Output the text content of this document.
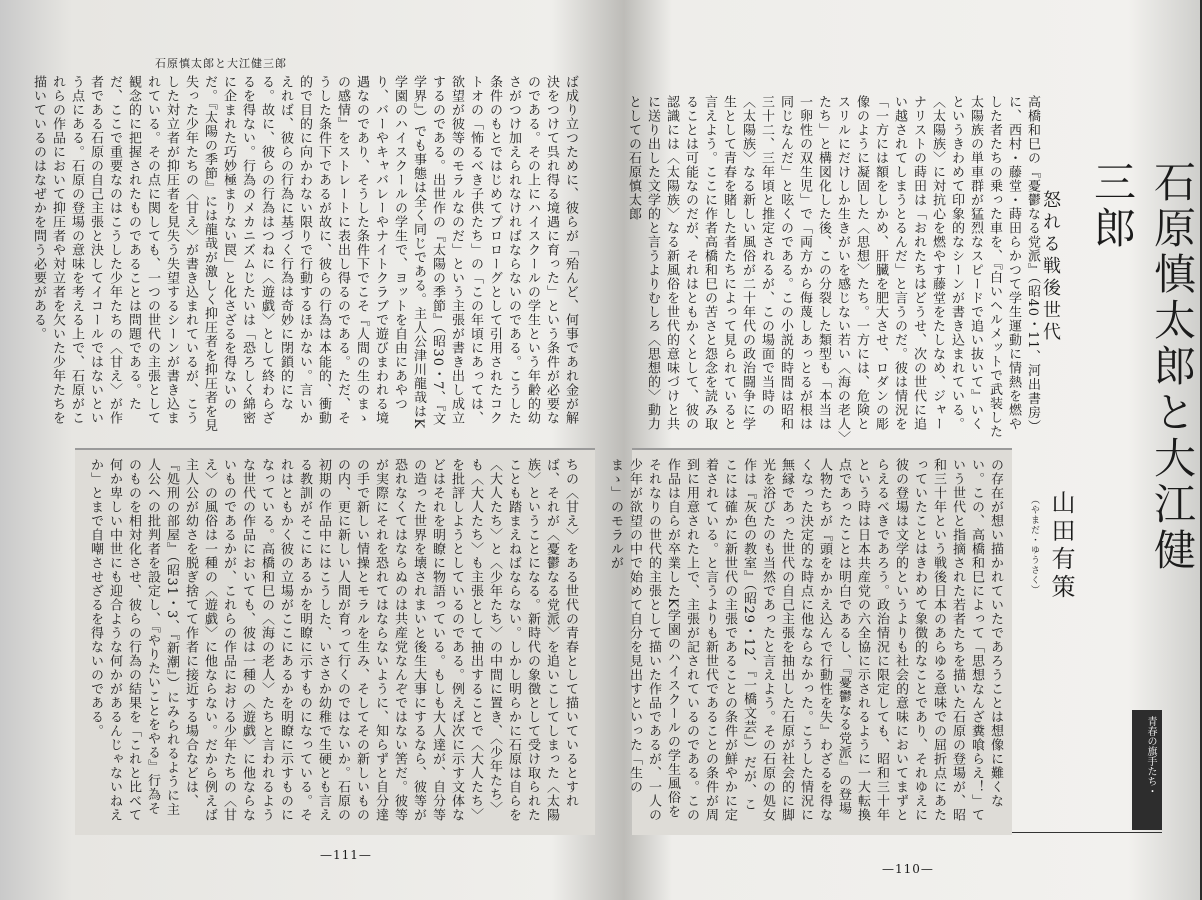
石原慎太郎と大江健三郎
ば成り立つために、彼らが「殆んど、何事であれ金が解決をつけて呉れ得る境遇に育った」という条件が必要なのである。その上にハイスクールの学生という年齢的幼さがつけ加えられなければならないのである。こうした条件のもとではじめてプロローグとして引用されたコクトオの「怖るべき子供たち」の「この年頃にあっては、欲望が彼等のモラルなのだ」という主張が書き出し成立するのである。出世作の『太陽の季節』（昭30・7、『文学界』）でも事態は全く同じである。主人公津川龍哉はK学園のハイスクールの学生で、ヨットを自由にあやつり、バーやキャバレーやナイトクラブで遊びまわれる境遇なのであり、そうした条件下でこそ『人間の生のまゝの感情』をストレートに表出し得るのである。ただ、そうした条件下であるが故に、彼らの行為は本能的、衝動的で目的に向かわない限りで行動するほかない。言いかえれば、彼らの行為に基づく行為は奇妙に閉鎖的になる。故に、彼らの行為はつねに〈遊戯〉として終わらざるを得ない。行為のメカニズムじたいは「恐ろしく綿密に企まれた巧妙極まりない罠」と化さざるを得ないのだ。『太陽の季節』には龍哉が激しく抑圧者を抑圧者を見失った少年たちの〈甘え〉が書き込まれているが、こうした対立者が抑圧者を見失う失望するシーンが書き込まれている。その点に関しても、一つの世代の主張として観念的に把握されたものであることは問題である。ただ、ここで重要なのはこうした少年たちの〈甘え〉が作者である石原の自己主張と決してイコールではないという点にある。石原の登場の意味を考える上で、石原がこれらの作品において抑圧者や対立者を欠いた少年たちを描いているのはなぜかを問う必要がある。
ちの〈甘え〉をある世代の青春として描いているとすれば、それが〈憂鬱なる党派〉を追いこしてしまった〈太陽族〉ということになる。新時代の象徴として受け取られたことも踏まえねばならない。しかし明らかに石原は自らを〈大人たち〉と〈少年たち〉の中間に置き、〈少年たち〉も〈大人たち〉も主張として抽出することで〈大人たち〉を批評しようとしているのである。例えば次に示す文体などはそれを明瞭に物語っている。もしも大人達が、自分等の造った世界を壊されまいと後生大事にするなら、彼等が恐れなくてはならぬのは共産党なんぞではない筈だ。彼等が実際にそれを恐れてはならないように、知らずと自分達の手で新しい情操とモラルを生み、そしてその新しいものの内、更に新しい人間が育って行くのではないか。石原の初期の作品中にはこうした、いささか幼稚で生硬とも言える教訓がそこにあるかを明瞭に示すものになっている。それはともかく彼の立場がここにあるかを明瞭に示すものになっている。高橋和巳の〈海の老人〉たちと言われるような世代の作品においても、彼は一種の〈遊戯〉に他ならないものであるかが、これらの作品における少年たちの〈甘え〉の風俗は一種の〈遊戯〉に他ならない。だから例えば主人公が幼さを脱ぎ捨てて作者に接近する場合などは、『処刑の部屋』（昭31・3、『新潮』）にみられるように主人公への批判者を設定し、『やりたいことをやる』行為そのものを相対化させ、彼らの行為の結果を「これと比べて何か卑しい中世にも迎合ような何かがあるんじゃないねえか」とまで自嘲させざるを得ないのである。
—111—
高橋和巳の『憂鬱なる党派』（昭40・11、河出書房）に、西村・藤堂・蒔田らかつて学生運動に情熱を燃やした者たちの乗った車を、『白いヘルメットで武装した太陽族の単車群が猛烈なスピードで追い抜いて』いくというきわめて印象的なシーンが書き込まれている。〈太陽族〉に対抗心を燃やす藤堂をたしなめ、ジャーナリストの蒔田は「おれたちはどうせ、次の世代に追い越されてしまうとるんだ」と言うのだ。彼は情況を「一方には額をしかめ、肝臓を肥大させ、ロダンの彫像のように凝固した〈思想〉たち。一方には、危険とスリルにだけしか生きがいを感じない若い〈海の老人〉たち」と構図化した後、この分裂した類型も「本当は一卵性の双生児」で「両方から侮蔑しあっとるが根は同じなんだ」と呟くのである。この小説的時間は昭和三十二、三年頃と推定されるが、この場面で当時の〈太陽族〉なる新しい風俗が二十年代の政治闘争に学生として青春を賭した者たちによって見られていると言えよう。ここに作者高橋和巳の苦さと怨念を読み取ることは可能なのだが、それはともかくとして、彼の認識には〈太陽族〉なる新風俗を世代的意味づけと共に送り出した文学的と言うよりむしろ〈思想的〉動力としての石原慎太郎
石原慎太郎と大江健三郎
怒れる戦後世代
山田有策
（やまだ・ゆうさく）
の存在が想い描かれていたであろうことは想像に難くない。この、高橋和巳によって「思想なんざ糞喰らえ！」ていう世代と指摘された若者たちを描いた石原の登場が、昭和三十年という戦後日本のあらゆる意味での屈折点にあたっていたことはきわめて象徴的なことであり、それゆえに彼の登場は文学的というよりも社会的意味においてまずとらえるべきであろう。政治情況に限定しても、昭和三十年という時は日本共産党の六全協に示されるように一大転換点であったことは明白であるし、『憂鬱なる党派』の登場人物たちが『頭をかかえ込んで行動性を失』わざるを得なくなった決定的な時点に他ならなかった。こうした情況に無縁であった世代の自己主張を抽出した石原が社会的に脚光を浴びたのも当然であったと言えよう。その石原の処女作は『灰色の教室』（昭29・12、『一橋文芸』）だが、ここには確かに新世代の主張であることの条件が鮮やかに定着されている。と言うよりも新世代であることの条件が周到に用意された上で、主張が記されているのである。この作品は自らが卒業したK学園のハイスクールの学生風俗をそれなりの世代的主張として描いた作品であるが、一人の少年が欲望の中で始めて自分を見出すといった「生のまゝ」のモラルが
—110—
青春の旗手たち・
